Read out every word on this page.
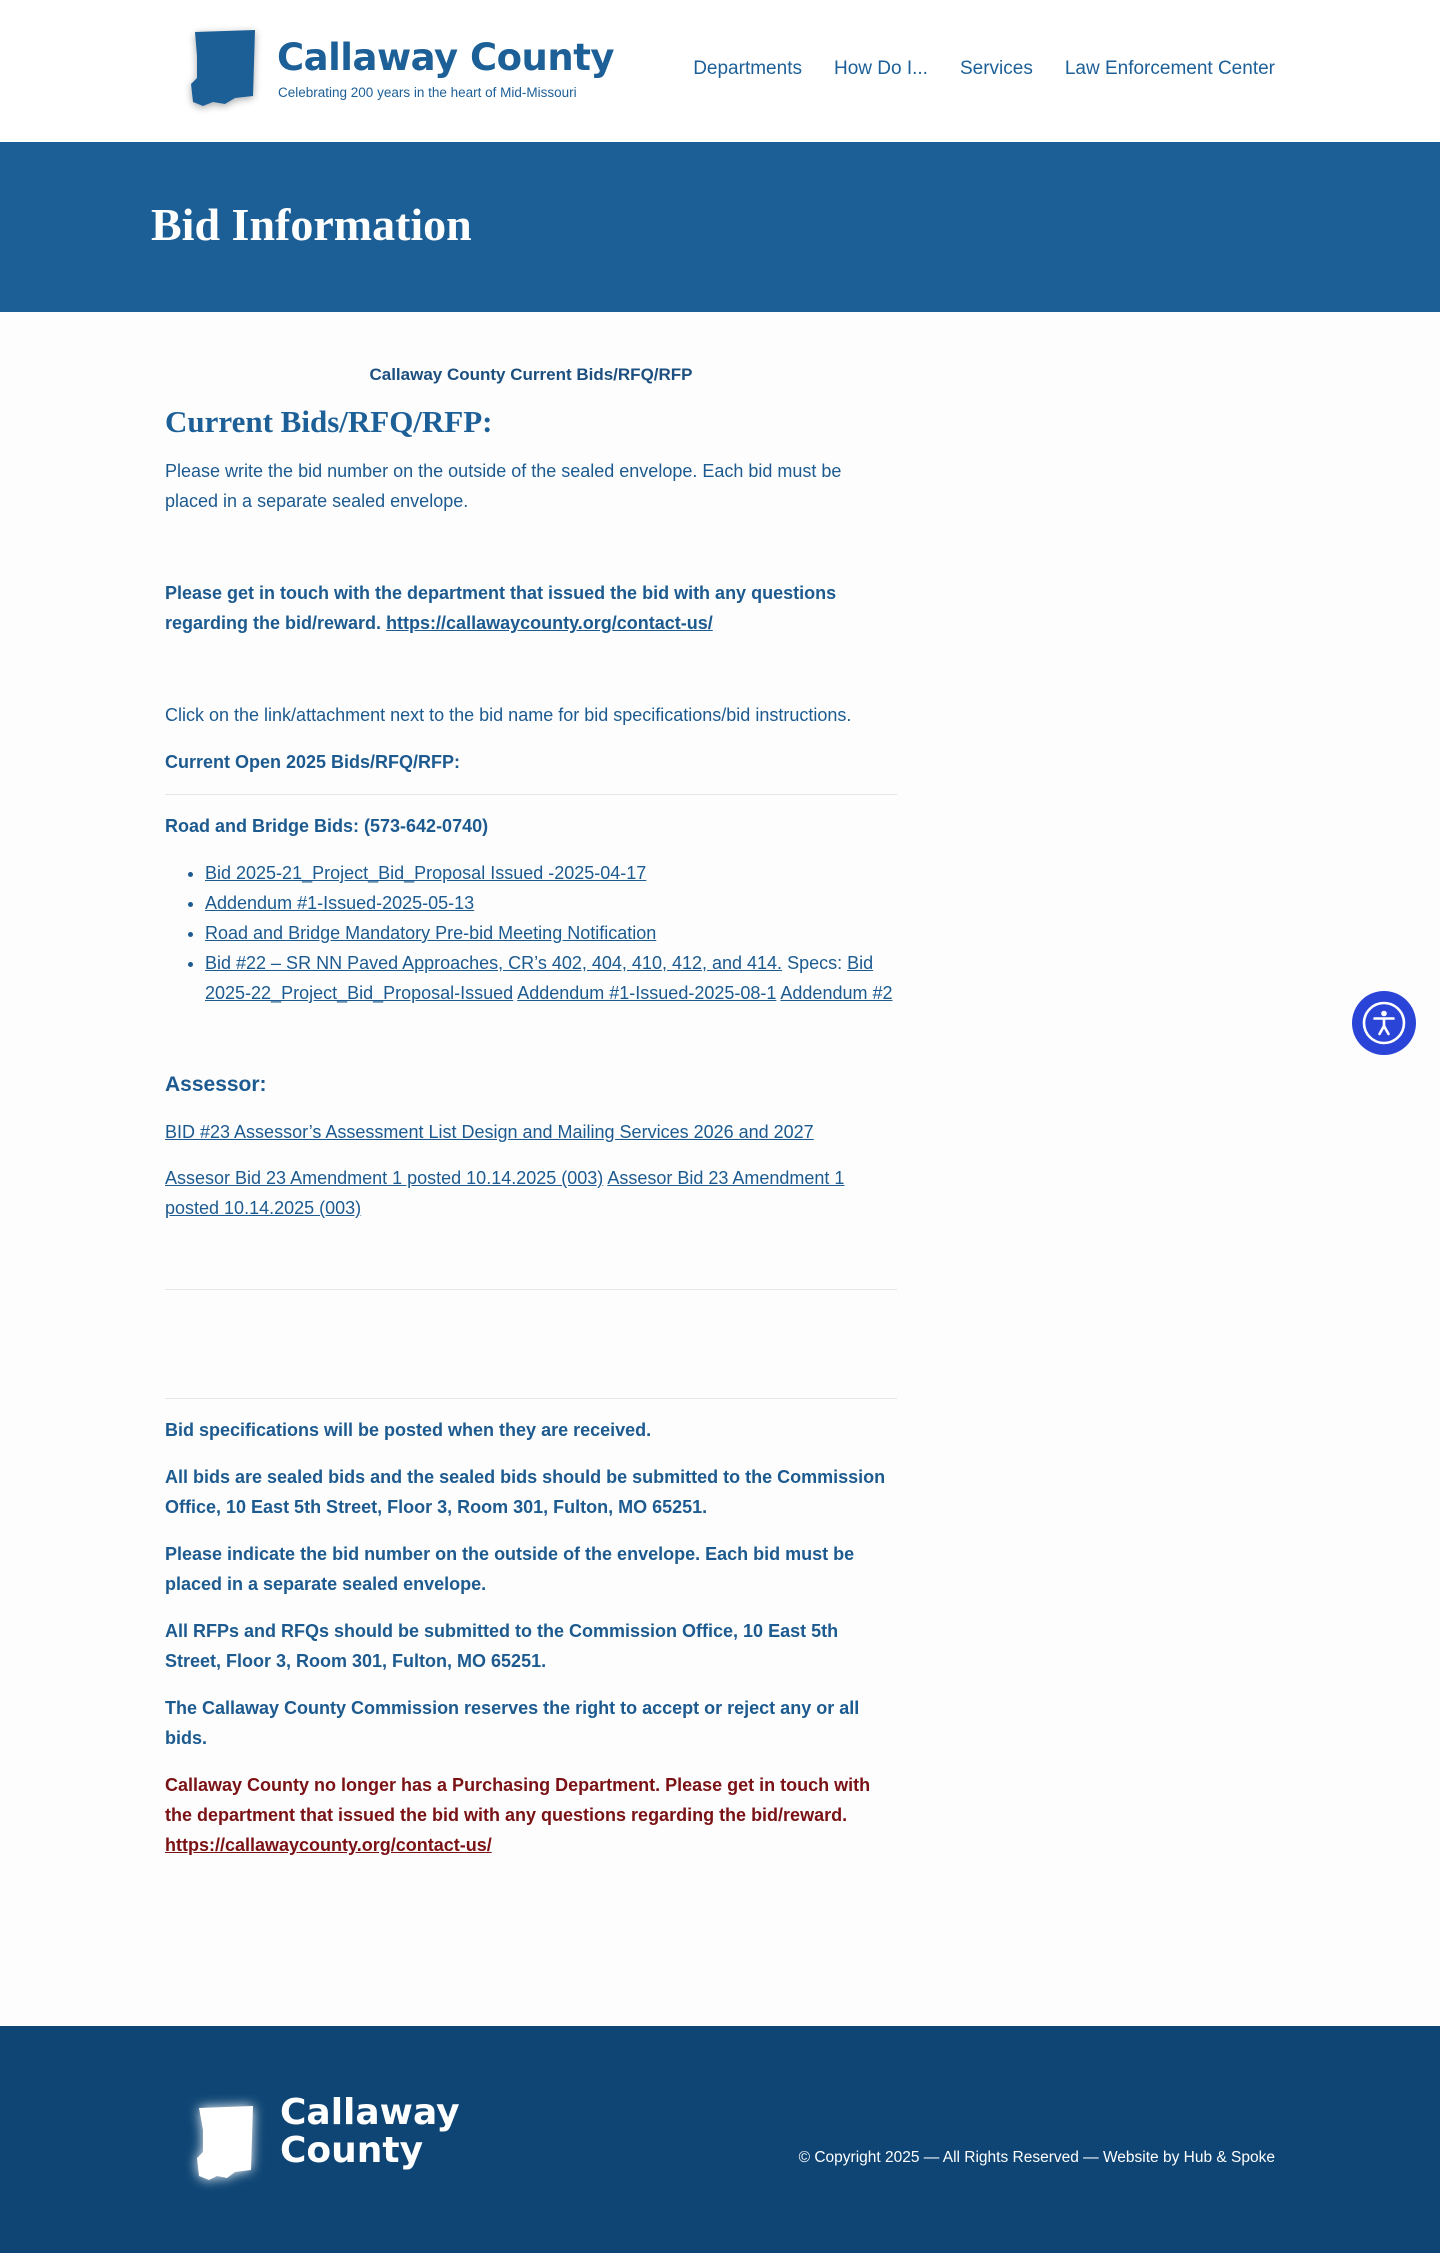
Callaway County
Celebrating 200 years in the heart of Mid-Missouri
Departments How Do I... Services Law Enforcement Center
Bid Information

Callaway County Current Bids/RFQ/RFP

Current Bids/RFQ/RFP:

Please write the bid number on the outside of the sealed envelope. Each bid must be placed in a separate sealed envelope.

Please get in touch with the department that issued the bid with any questions regarding the bid/reward. https://callawaycounty.org/contact-us/

Click on the link/attachment next to the bid name for bid specifications/bid instructions.

Current Open 2025 Bids/RFQ/RFP:

Road and Bridge Bids: (573-642-0740)

• Bid 2025-21_Project_Bid_Proposal Issued -2025-04-17
• Addendum #1-Issued-2025-05-13
• Road and Bridge Mandatory Pre-bid Meeting Notification
• Bid #22 – SR NN Paved Approaches, CR’s 402, 404, 410, 412, and 414. Specs: Bid 2025-22_Project_Bid_Proposal-Issued Addendum #1-Issued-2025-08-1 Addendum #2
Assessor:

BID #23 Assessor’s Assessment List Design and Mailing Services 2026 and 2027

Assesor Bid 23 Amendment 1 posted 10.14.2025 (003) Assesor Bid 23 Amendment 1 posted 10.14.2025 (003)

Bid specifications will be posted when they are received.

All bids are sealed bids and the sealed bids should be submitted to the Commission Office, 10 East 5th Street, Floor 3, Room 301, Fulton, MO 65251.

Please indicate the bid number on the outside of the envelope. Each bid must be placed in a separate sealed envelope.

All RFPs and RFQs should be submitted to the Commission Office, 10 East 5th Street, Floor 3, Room 301, Fulton, MO 65251.

The Callaway County Commission reserves the right to accept or reject any or all bids.

Callaway County no longer has a Purchasing Department. Please get in touch with the department that issued the bid with any questions regarding the bid/reward.
https://callawaycounty.org/contact-us/

Callaway
County	© Copyright 2025 — All Rights Reserved — Website by Hub & Spoke
